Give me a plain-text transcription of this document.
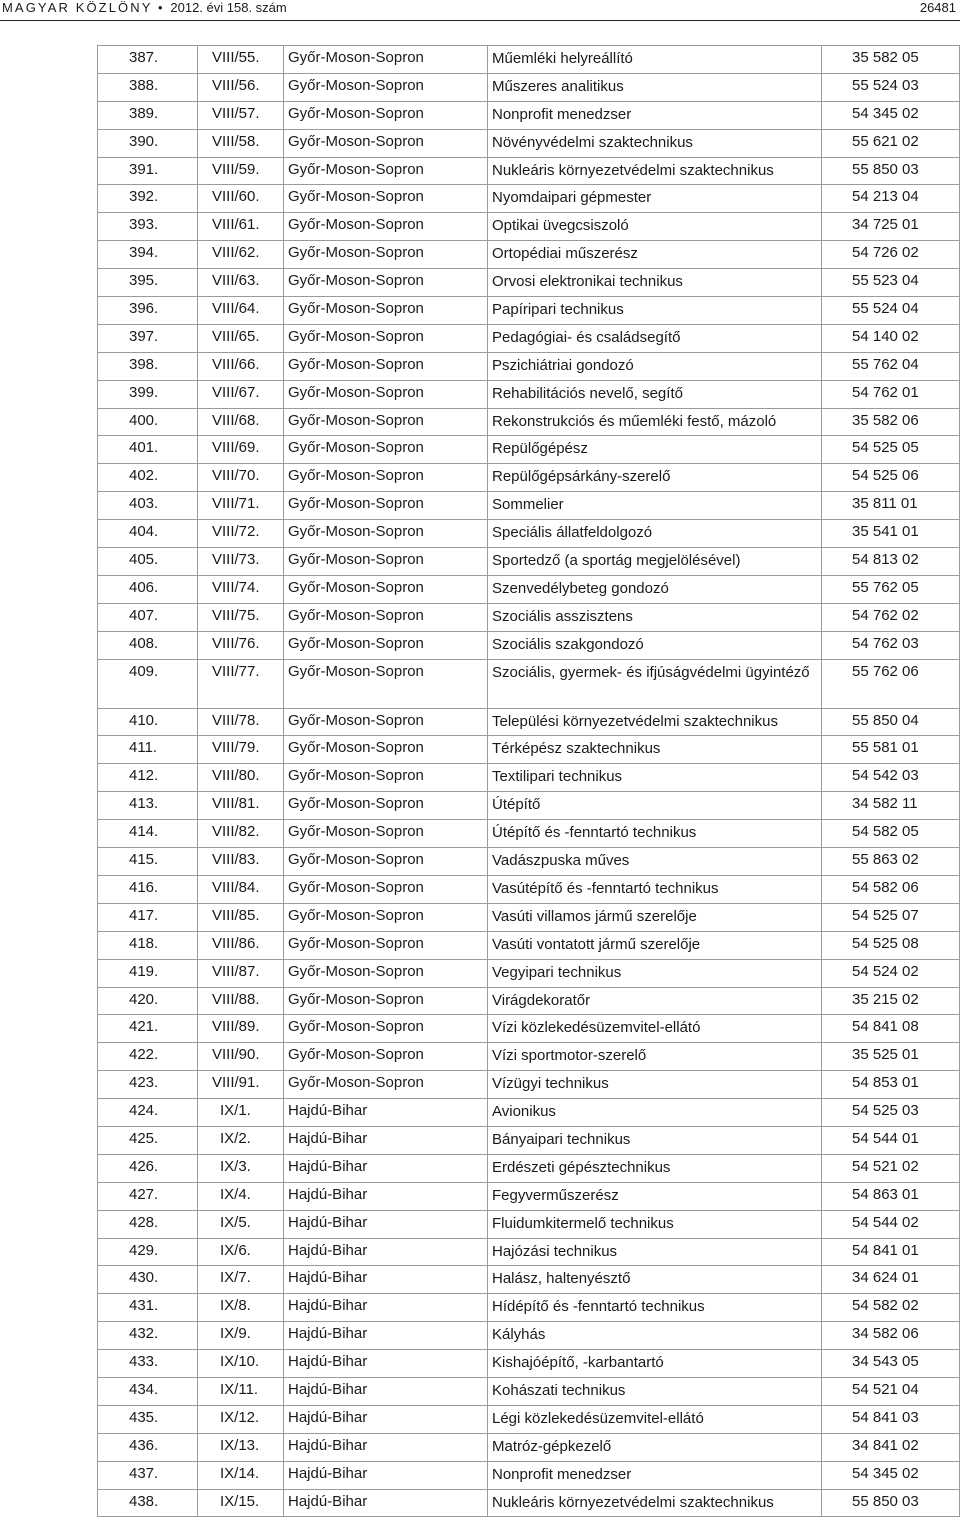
MAGYAR KÖZLÖNY • 2012. évi 158. szám	26481
387.	VIII/55.	Győr-Moson-Sopron	Műemléki helyreállító	35 582 05
388.	VIII/56.	Győr-Moson-Sopron	Műszeres analitikus	55 524 03
389.	VIII/57.	Győr-Moson-Sopron	Nonprofit menedzser	54 345 02
390.	VIII/58.	Győr-Moson-Sopron	Növényvédelmi szaktechnikus	55 621 02
391.	VIII/59.	Győr-Moson-Sopron	Nukleáris környezetvédelmi szaktechnikus	55 850 03
392.	VIII/60.	Győr-Moson-Sopron	Nyomdaipari gépmester	54 213 04
393.	VIII/61.	Győr-Moson-Sopron	Optikai üvegcsiszoló	34 725 01
394.	VIII/62.	Győr-Moson-Sopron	Ortopédiai műszerész	54 726 02
395.	VIII/63.	Győr-Moson-Sopron	Orvosi elektronikai technikus	55 523 04
396.	VIII/64.	Győr-Moson-Sopron	Papíripari technikus	55 524 04
397.	VIII/65.	Győr-Moson-Sopron	Pedagógiai- és családsegítő	54 140 02
398.	VIII/66.	Győr-Moson-Sopron	Pszichiátriai gondozó	55 762 04
399.	VIII/67.	Győr-Moson-Sopron	Rehabilitációs nevelő, segítő	54 762 01
400.	VIII/68.	Győr-Moson-Sopron	Rekonstrukciós és műemléki festő, mázoló	35 582 06
401.	VIII/69.	Győr-Moson-Sopron	Repülőgépész	54 525 05
402.	VIII/70.	Győr-Moson-Sopron	Repülőgépsárkány-szerelő	54 525 06
403.	VIII/71.	Győr-Moson-Sopron	Sommelier	35 811 01
404.	VIII/72.	Győr-Moson-Sopron	Speciális állatfeldolgozó	35 541 01
405.	VIII/73.	Győr-Moson-Sopron	Sportedző (a sportág megjelölésével)	54 813 02
406.	VIII/74.	Győr-Moson-Sopron	Szenvedélybeteg gondozó	55 762 05
407.	VIII/75.	Győr-Moson-Sopron	Szociális asszisztens	54 762 02
408.	VIII/76.	Győr-Moson-Sopron	Szociális szakgondozó	54 762 03
409.	VIII/77.	Győr-Moson-Sopron	Szociális, gyermek- és ifjúságvédelmi ügyintéző	55 762 06
410.	VIII/78.	Győr-Moson-Sopron	Települési környezetvédelmi szaktechnikus	55 850 04
411.	VIII/79.	Győr-Moson-Sopron	Térképész szaktechnikus	55 581 01
412.	VIII/80.	Győr-Moson-Sopron	Textilipari technikus	54 542 03
413.	VIII/81.	Győr-Moson-Sopron	Útépítő	34 582 11
414.	VIII/82.	Győr-Moson-Sopron	Útépítő és -fenntartó technikus	54 582 05
415.	VIII/83.	Győr-Moson-Sopron	Vadászpuska műves	55 863 02
416.	VIII/84.	Győr-Moson-Sopron	Vasútépítő és -fenntartó technikus	54 582 06
417.	VIII/85.	Győr-Moson-Sopron	Vasúti villamos jármű szerelője	54 525 07
418.	VIII/86.	Győr-Moson-Sopron	Vasúti vontatott jármű szerelője	54 525 08
419.	VIII/87.	Győr-Moson-Sopron	Vegyipari technikus	54 524 02
420.	VIII/88.	Győr-Moson-Sopron	Virágdekoratőr	35 215 02
421.	VIII/89.	Győr-Moson-Sopron	Vízi közlekedésüzemvitel-ellátó	54 841 08
422.	VIII/90.	Győr-Moson-Sopron	Vízi sportmotor-szerelő	35 525 01
423.	VIII/91.	Győr-Moson-Sopron	Vízügyi technikus	54 853 01
424.	IX/1.	Hajdú-Bihar	Avionikus	54 525 03
425.	IX/2.	Hajdú-Bihar	Bányaipari technikus	54 544 01
426.	IX/3.	Hajdú-Bihar	Erdészeti gépésztechnikus	54 521 02
427.	IX/4.	Hajdú-Bihar	Fegyverműszerész	54 863 01
428.	IX/5.	Hajdú-Bihar	Fluidumkitermelő technikus	54 544 02
429.	IX/6.	Hajdú-Bihar	Hajózási technikus	54 841 01
430.	IX/7.	Hajdú-Bihar	Halász, haltenyésztő	34 624 01
431.	IX/8.	Hajdú-Bihar	Hídépítő és -fenntartó technikus	54 582 02
432.	IX/9.	Hajdú-Bihar	Kályhás	34 582 06
433.	IX/10.	Hajdú-Bihar	Kishajóépítő, -karbantartó	34 543 05
434.	IX/11.	Hajdú-Bihar	Kohászati technikus	54 521 04
435.	IX/12.	Hajdú-Bihar	Légi közlekedésüzemvitel-ellátó	54 841 03
436.	IX/13.	Hajdú-Bihar	Matróz-gépkezelő	34 841 02
437.	IX/14.	Hajdú-Bihar	Nonprofit menedzser	54 345 02
438.	IX/15.	Hajdú-Bihar	Nukleáris környezetvédelmi szaktechnikus	55 850 03
